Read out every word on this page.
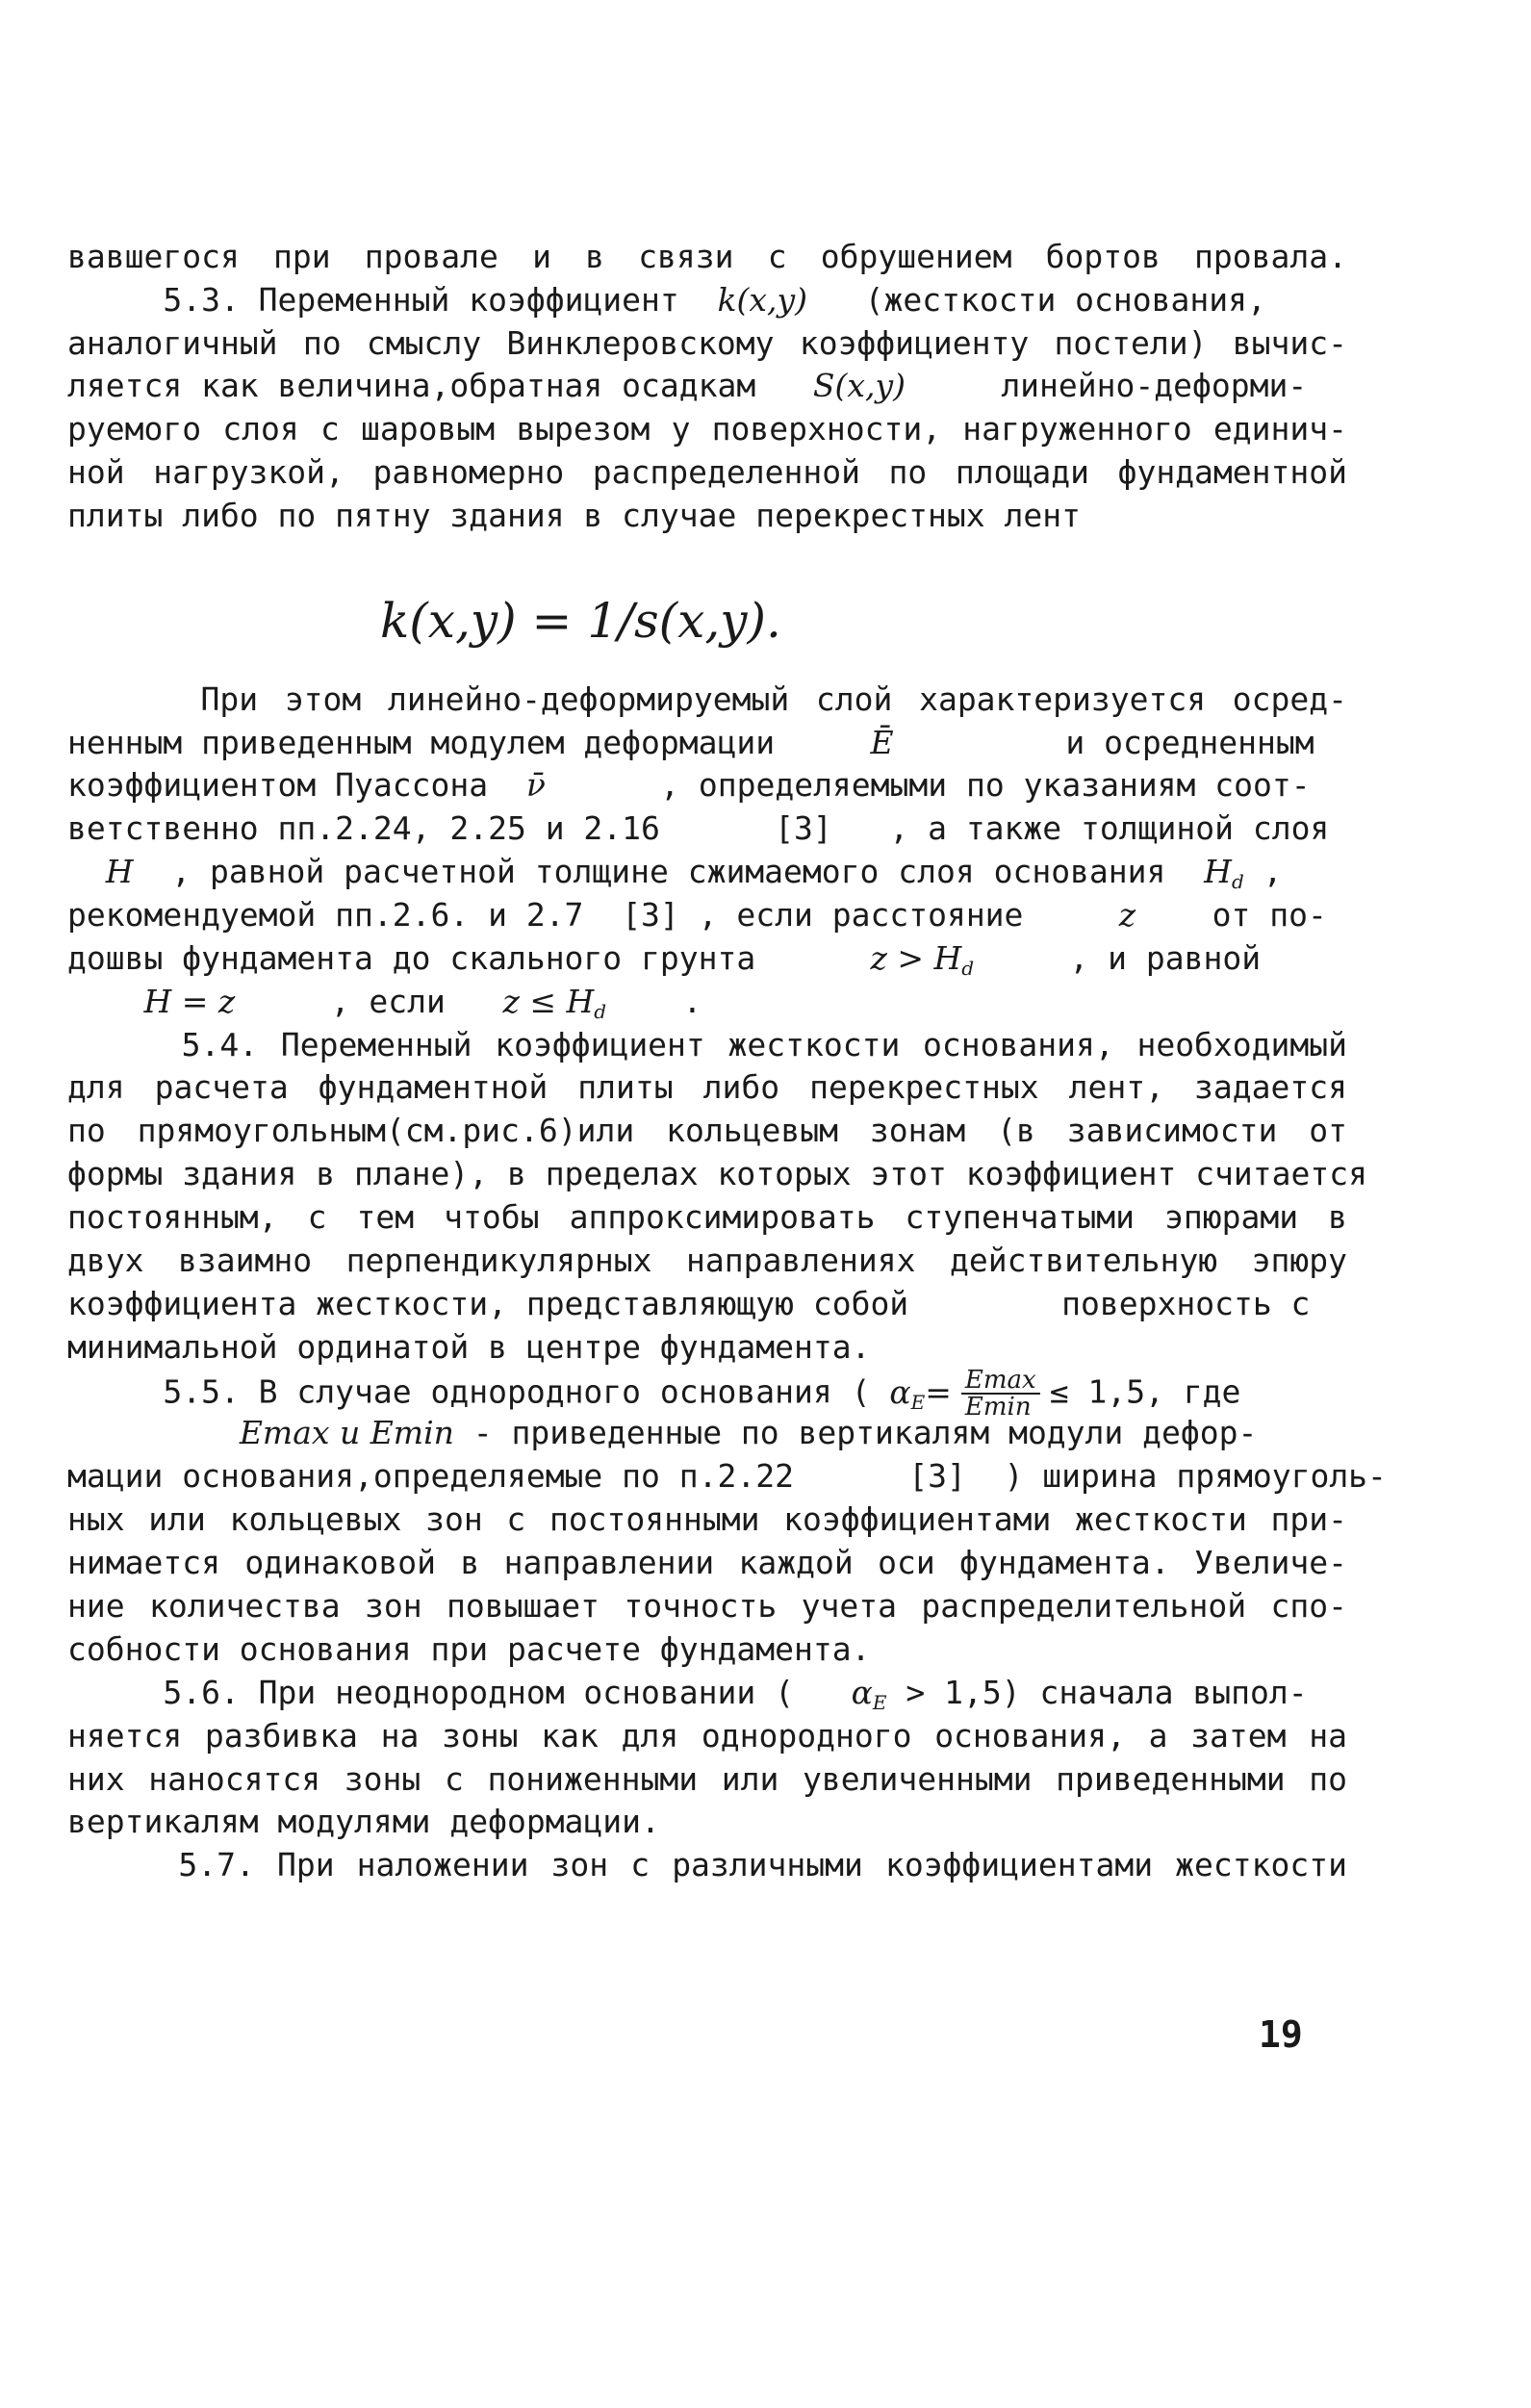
вавшегося при провале и в связи с обрушением бортов провала.
5.3. Переменный коэффициент k(x,y) (жесткости основания,
аналогичный по смыслу Винклеровскому коэффициенту постели) вычис-
ляется как величина,обратная осадкам S(x,y)	линейно-деформи-
руемого слоя с шаровым вырезом у поверхности, нагруженного единич-
ной нагрузкой, равномерно распределенной по площади фундаментной
плиты либо по пятну здания в случае перекрестных лент
k(x,y) = 1/s(x,y).
При этом линейно-деформируемый слой характеризуется осред-
ненным приведенным модулем деформации	Ē	и осредненным
коэффициентом Пуассона ν̄	, определяемыми по указаниям соот-
ветственно пп.2.24, 2.25 и 2.16	[3] , а также толщиной слоя
H , равной расчетной толщине сжимаемого слоя основания $H_d$ ,
рекомендуемой пп.2.6. и 2.7 [3] , если расстояние	z от по-
дошвы фундамента до скального грунта	$z > H_d$	, и равной
H = z	, если $z \le H_d$ .
5.4. Переменный коэффициент жесткости основания, необходимый
для расчета фундаментной плиты либо перекрестных лент, задается
по прямоугольным(см.рис.6)или кольцевым зонам (в зависимости от
формы здания в плане), в пределах которых этот коэффициент считается
постоянным, с тем чтобы аппроксимировать ступенчатыми эпюрами в
двух взаимно перпендикулярных направлениях действительную эпюру
коэффициента жесткости, представляющую собой	поверхность с
минимальной ординатой в центре фундамента.
5.5. В случае однородного основания ( $\alpha_E= \frac{Emax}{Emin} \le 1,5$, где
Emax и Emin - приведенные по вертикалям модули дефор-
мации основания,определяемые по п.2.22	[3] ) ширина прямоуголь-
ных или кольцевых зон с постоянными коэффициентами жесткости при-
нимается одинаковой в направлении каждой оси фундамента. Увеличе-
ние количества зон повышает точность учета распределительной спо-
собности основания при расчете фундамента.
5.6. При неоднородном основании ( $\alpha_E > 1,5$) сначала выпол-
няется разбивка на зоны как для однородного основания, а затем на
них наносятся зоны с пониженными или увеличенными приведенными по
вертикалям модулями деформации.
5.7. При наложении зон с различными коэффициентами жесткости
19
